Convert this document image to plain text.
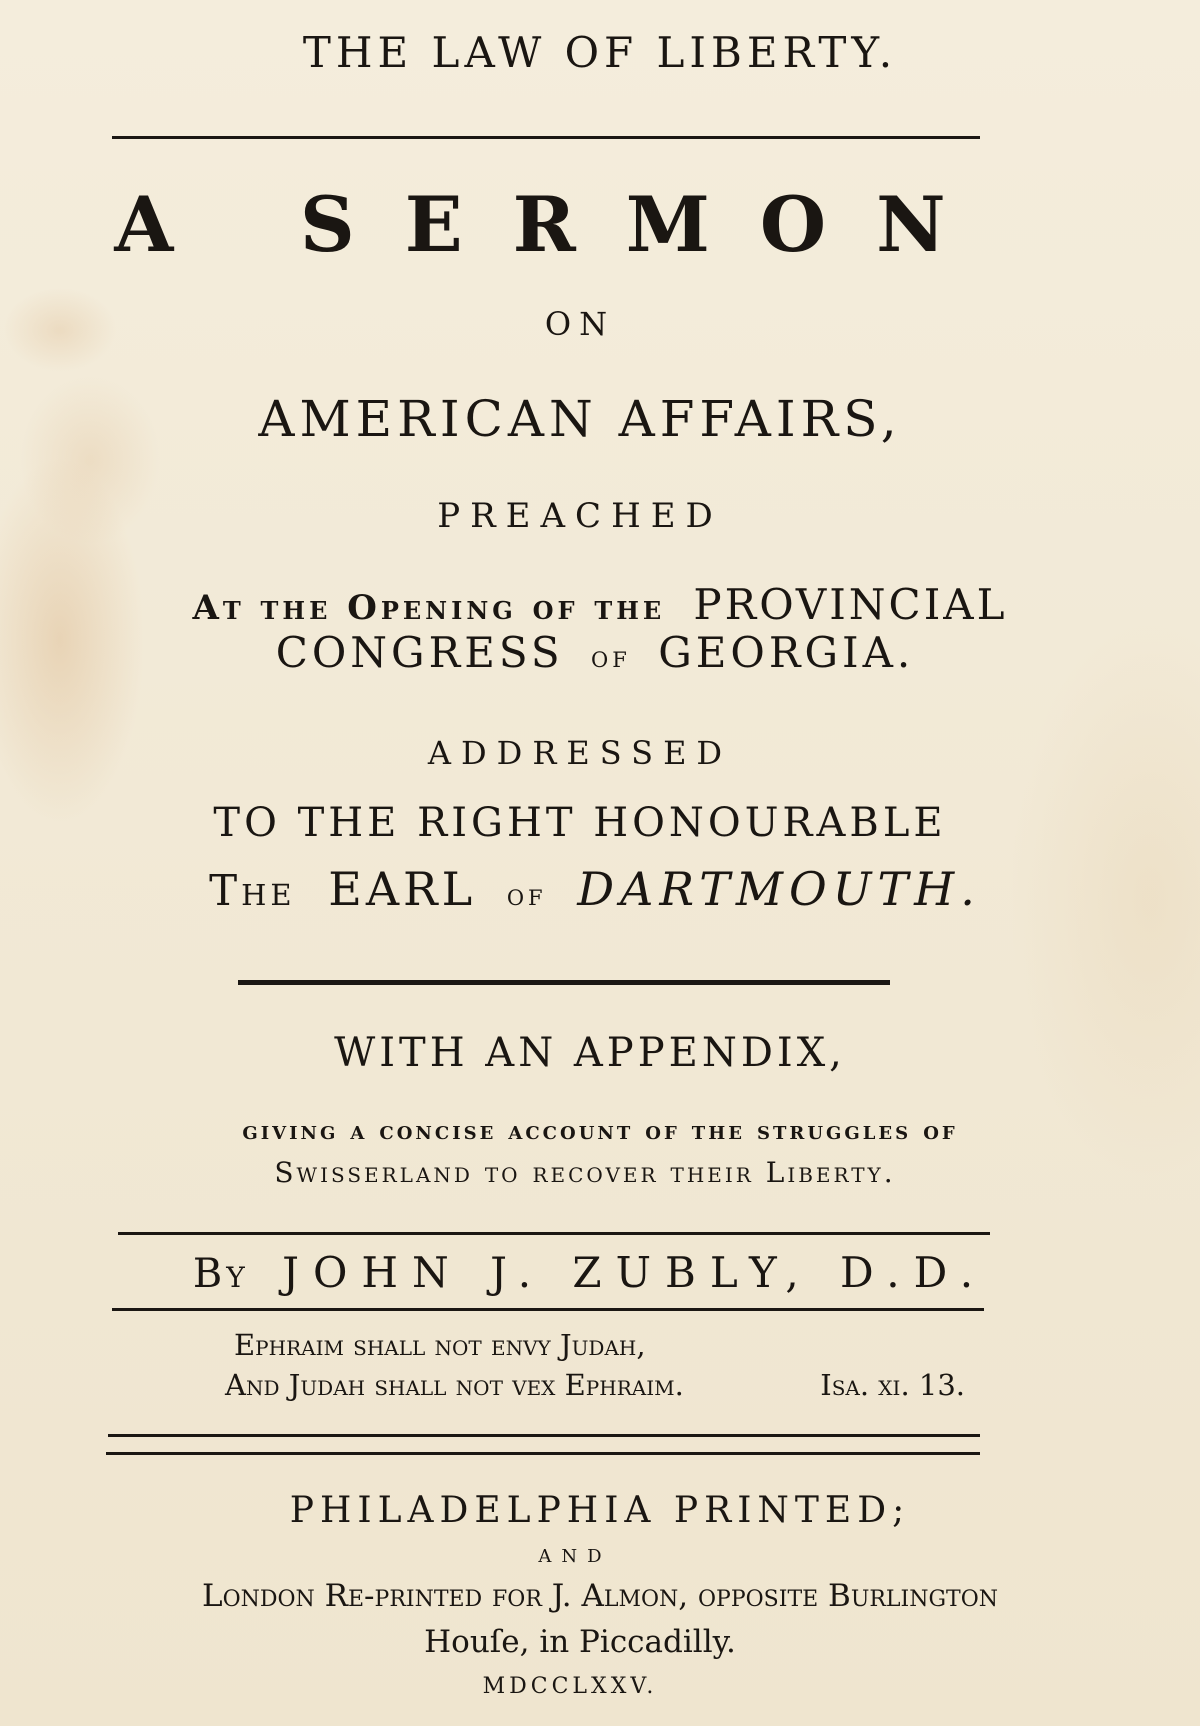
THE LAW OF LIBERTY.
A SERMON
ON
AMERICAN AFFAIRS,
PREACHED
At the Opening of the PROVINCIAL
CONGRESS of GEORGIA.
ADDRESSED
TO THE RIGHT HONOURABLE
The EARL of DARTMOUTH.
WITH AN APPENDIX,
giving a concise account of the struggles of
Swisserland to recover their Liberty.
By JOHN J. ZUBLY, D.D.
Ephraim ſhall not envy Judah,
And Judah ſhall not vex Ephraim.	Isa. xi. 13.
PHILADELPHIA PRINTED;
AND
London Re-printed for J. Almon, oppoſite Burlington
Houſe, in Piccadilly.
MDCCLXXV.
